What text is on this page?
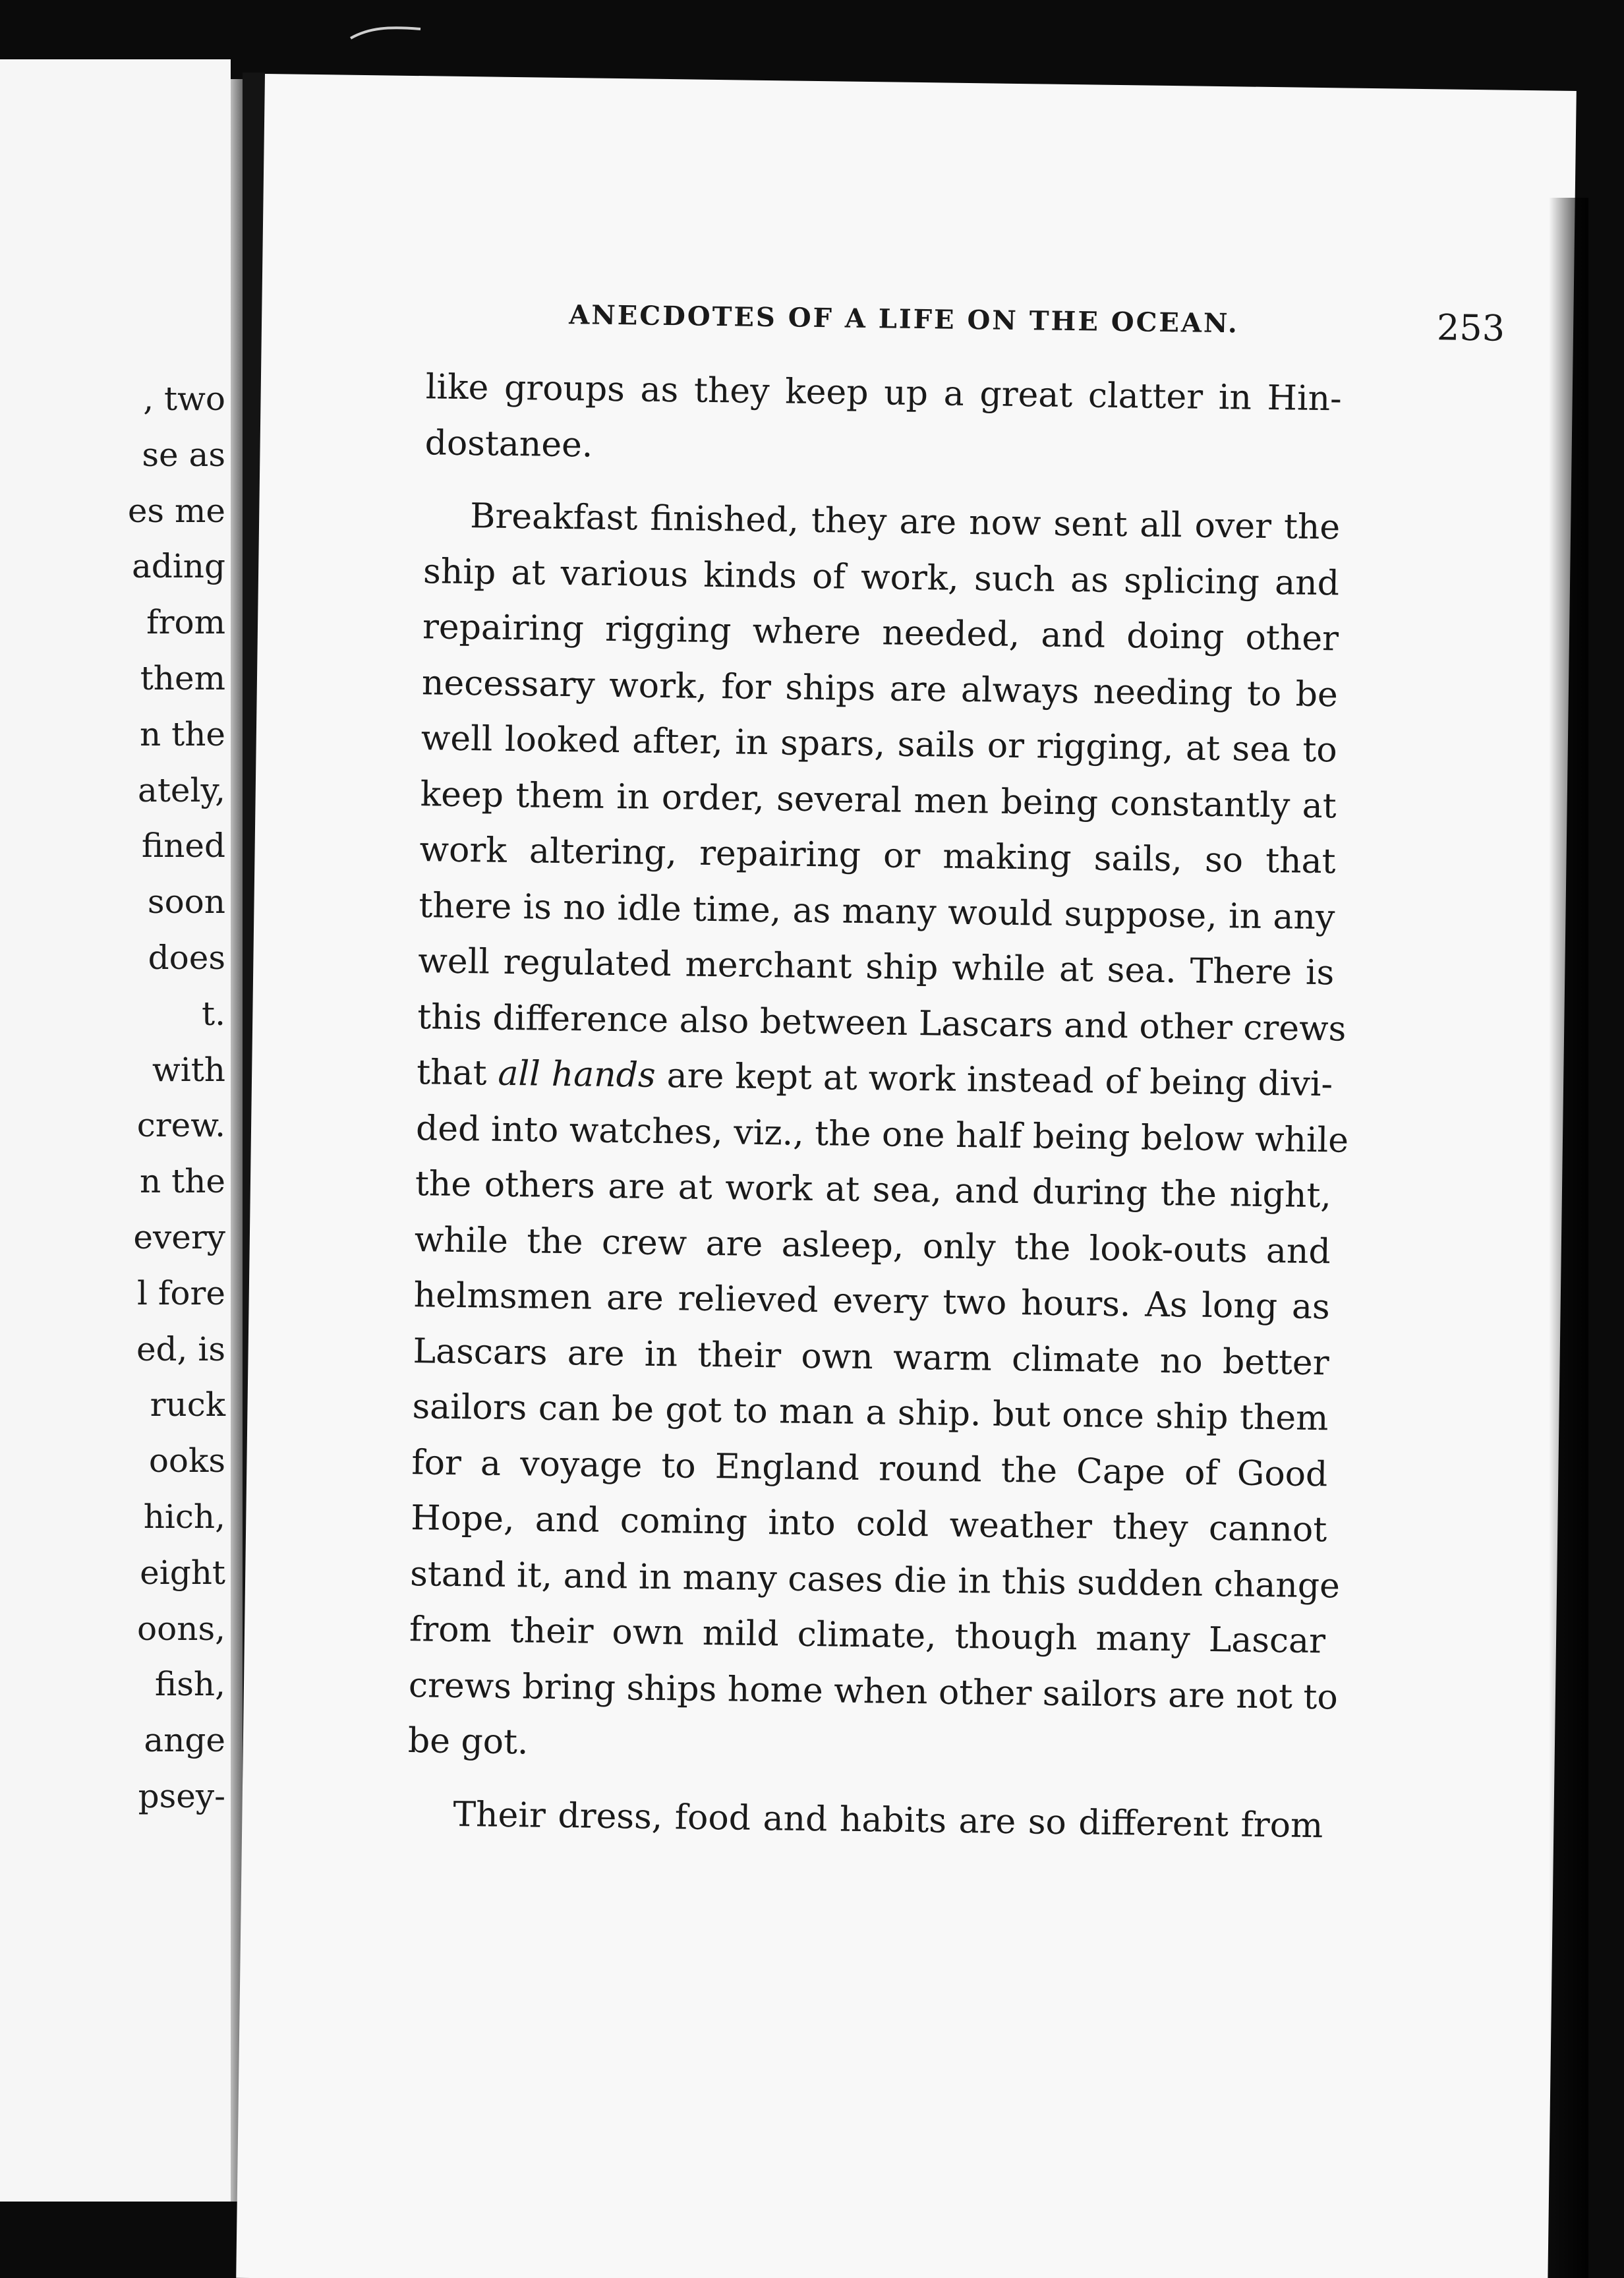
, two
se as
es me
ading
from
them
n the
ately,
fined
soon
does
t.
with
crew.
n the
every
l fore
ed, is
ruck
ooks
hich,
eight
oons,
fish,
ange
psey-
ANECDOTES OF A LIFE ON THE OCEAN.	253
like groups as they keep up a great clatter in Hin-
dostanee.
Breakfast finished, they are now sent all over the
ship at various kinds of work, such as splicing and
repairing rigging where needed, and doing other
necessary work, for ships are always needing to be
well looked after, in spars, sails or rigging, at sea to
keep them in order, several men being constantly at
work altering, repairing or making sails, so that
there is no idle time, as many would suppose, in any
well regulated merchant ship while at sea. There is
this difference also between Lascars and other crews
that all hands are kept at work instead of being divi-
ded into watches, viz., the one half being below while
the others are at work at sea, and during the night,
while the crew are asleep, only the look-outs and
helmsmen are relieved every two hours. As long as
Lascars are in their own warm climate no better
sailors can be got to man a ship. but once ship them
for a voyage to England round the Cape of Good
Hope, and coming into cold weather they cannot
stand it, and in many cases die in this sudden change
from their own mild climate, though many Lascar
crews bring ships home when other sailors are not to
be got.
Their dress, food and habits are so different from
